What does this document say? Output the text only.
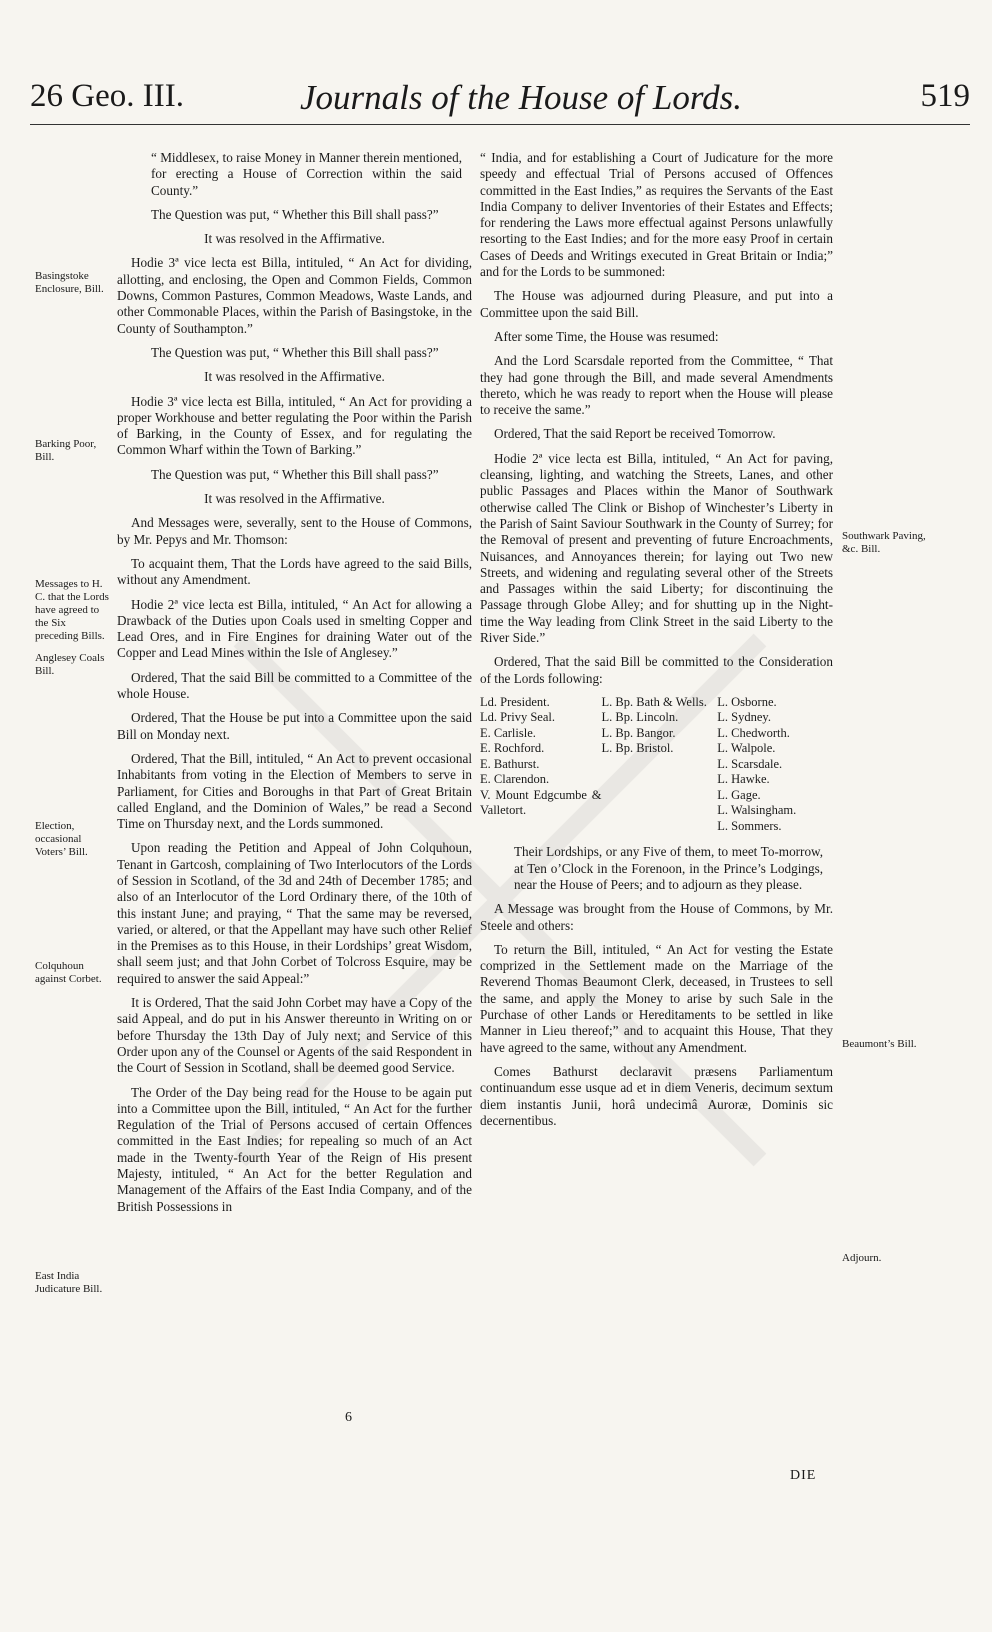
26 Geo. III.	Journals of the House of Lords.	519
Basingstoke Enclosure, Bill.
Barking Poor, Bill.
Messages to H. C. that the Lords have agreed to the Six preceding Bills.
Anglesey Coals Bill.
Election, occasional Voters’ Bill.
Colquhoun against Corbet.
East India Judicature Bill.
Southwark Paving, &c. Bill.
Beaumont’s Bill.
Adjourn.

“ Middlesex, to raise Money in Manner therein mentioned, for erecting a House of Correction within the said County.”

The Question was put, “ Whether this Bill shall pass?”

It was resolved in the Affirmative.

Hodie 3ª vice lecta est Billa, intituled, “ An Act for dividing, allotting, and enclosing, the Open and Common Fields, Common Downs, Common Pastures, Common Meadows, Waste Lands, and other Commonable Places, within the Parish of Basingstoke, in the County of Southampton.”

The Question was put, “ Whether this Bill shall pass?”

It was resolved in the Affirmative.

Hodie 3ª vice lecta est Billa, intituled, “ An Act for providing a proper Workhouse and better regulating the Poor within the Parish of Barking, in the County of Essex, and for regulating the Common Wharf within the Town of Barking.”

The Question was put, “ Whether this Bill shall pass?”

It was resolved in the Affirmative.

And Messages were, severally, sent to the House of Commons, by Mr. Pepys and Mr. Thomson:

To acquaint them, That the Lords have agreed to the said Bills, without any Amendment.

Hodie 2ª vice lecta est Billa, intituled, “ An Act for allowing a Drawback of the Duties upon Coals used in smelting Copper and Lead Ores, and in Fire Engines for draining Water out of the Copper and Lead Mines within the Isle of Anglesey.”

Ordered, That the said Bill be committed to a Committee of the whole House.

Ordered, That the House be put into a Committee upon the said Bill on Monday next.

Ordered, That the Bill, intituled, “ An Act to prevent occasional Inhabitants from voting in the Election of Members to serve in Parliament, for Cities and Boroughs in that Part of Great Britain called England, and the Dominion of Wales,” be read a Second Time on Thursday next, and the Lords summoned.

Upon reading the Petition and Appeal of John Colquhoun, Tenant in Gartcosh, complaining of Two Interlocutors of the Lords of Session in Scotland, of the 3d and 24th of December 1785; and also of an Interlocutor of the Lord Ordinary there, of the 10th of this instant June; and praying, “ That the same may be reversed, varied, or altered, or that the Appellant may have such other Relief in the Premises as to this House, in their Lordships’ great Wisdom, shall seem just; and that John Corbet of Tolcross Esquire, may be required to answer the said Appeal:”

It is Ordered, That the said John Corbet may have a Copy of the said Appeal, and do put in his Answer thereunto in Writing on or before Thursday the 13th Day of July next; and Service of this Order upon any of the Counsel or Agents of the said Respondent in the Court of Session in Scotland, shall be deemed good Service.

The Order of the Day being read for the House to be again put into a Committee upon the Bill, intituled, “ An Act for the further Regulation of the Trial of Persons accused of certain Offences committed in the East Indies; for repealing so much of an Act made in the Twenty-fourth Year of the Reign of His present Majesty, intituled, “ An Act for the better Regulation and Management of the Affairs of the East India Company, and of the British Possessions in

“ India, and for establishing a Court of Judicature for the more speedy and effectual Trial of Persons accused of Offences committed in the East Indies,” as requires the Servants of the East India Company to deliver Inventories of their Estates and Effects; for rendering the Laws more effectual against Persons unlawfully resorting to the East Indies; and for the more easy Proof in certain Cases of Deeds and Writings executed in Great Britain or India;” and for the Lords to be summoned:

The House was adjourned during Pleasure, and put into a Committee upon the said Bill.

After some Time, the House was resumed:

And the Lord Scarsdale reported from the Committee, “ That they had gone through the Bill, and made several Amendments thereto, which he was ready to report when the House will please to receive the same.”

Ordered, That the said Report be received Tomorrow.

Hodie 2ª vice lecta est Billa, intituled, “ An Act for paving, cleansing, lighting, and watching the Streets, Lanes, and other public Passages and Places within the Manor of Southwark otherwise called The Clink or Bishop of Winchester’s Liberty in the Parish of Saint Saviour Southwark in the County of Surrey; for the Removal of present and preventing of future Encroachments, Nuisances, and Annoyances therein; for laying out Two new Streets, and widening and regulating several other of the Streets and Passages within the said Liberty; for discontinuing the Passage through Globe Alley; and for shutting up in the Night-time the Way leading from Clink Street in the said Liberty to the River Side.”

Ordered, That the said Bill be committed to the Consideration of the Lords following:

Ld. President.
Ld. Privy Seal.
E. Carlisle.
E. Rochford.
E. Bathurst.
E. Clarendon.
V. Mount Edgcumbe & Valletort.
L. Bp. Bath & Wells.
L. Bp. Lincoln.
L. Bp. Bangor.
L. Bp. Bristol.
L. Osborne.
L. Sydney.
L. Chedworth.
L. Walpole.
L. Scarsdale.
L. Hawke.
L. Gage.
L. Walsingham.
L. Sommers.

Their Lordships, or any Five of them, to meet To-morrow, at Ten o’Clock in the Forenoon, in the Prince’s Lodgings, near the House of Peers; and to adjourn as they please.

A Message was brought from the House of Commons, by Mr. Steele and others:

To return the Bill, intituled, “ An Act for vesting the Estate comprized in the Settlement made on the Marriage of the Reverend Thomas Beaumont Clerk, deceased, in Trustees to sell the same, and apply the Money to arise by such Sale in the Purchase of other Lands or Hereditaments to be settled in like Manner in Lieu thereof;” and to acquaint this House, That they have agreed to the same, without any Amendment.

Comes Bathurst declaravit præsens Parliamentum continuandum esse usque ad et in diem Veneris, decimum sextum diem instantis Junii, horâ undecimâ Auroræ, Dominis sic decernentibus.

6
DIE
